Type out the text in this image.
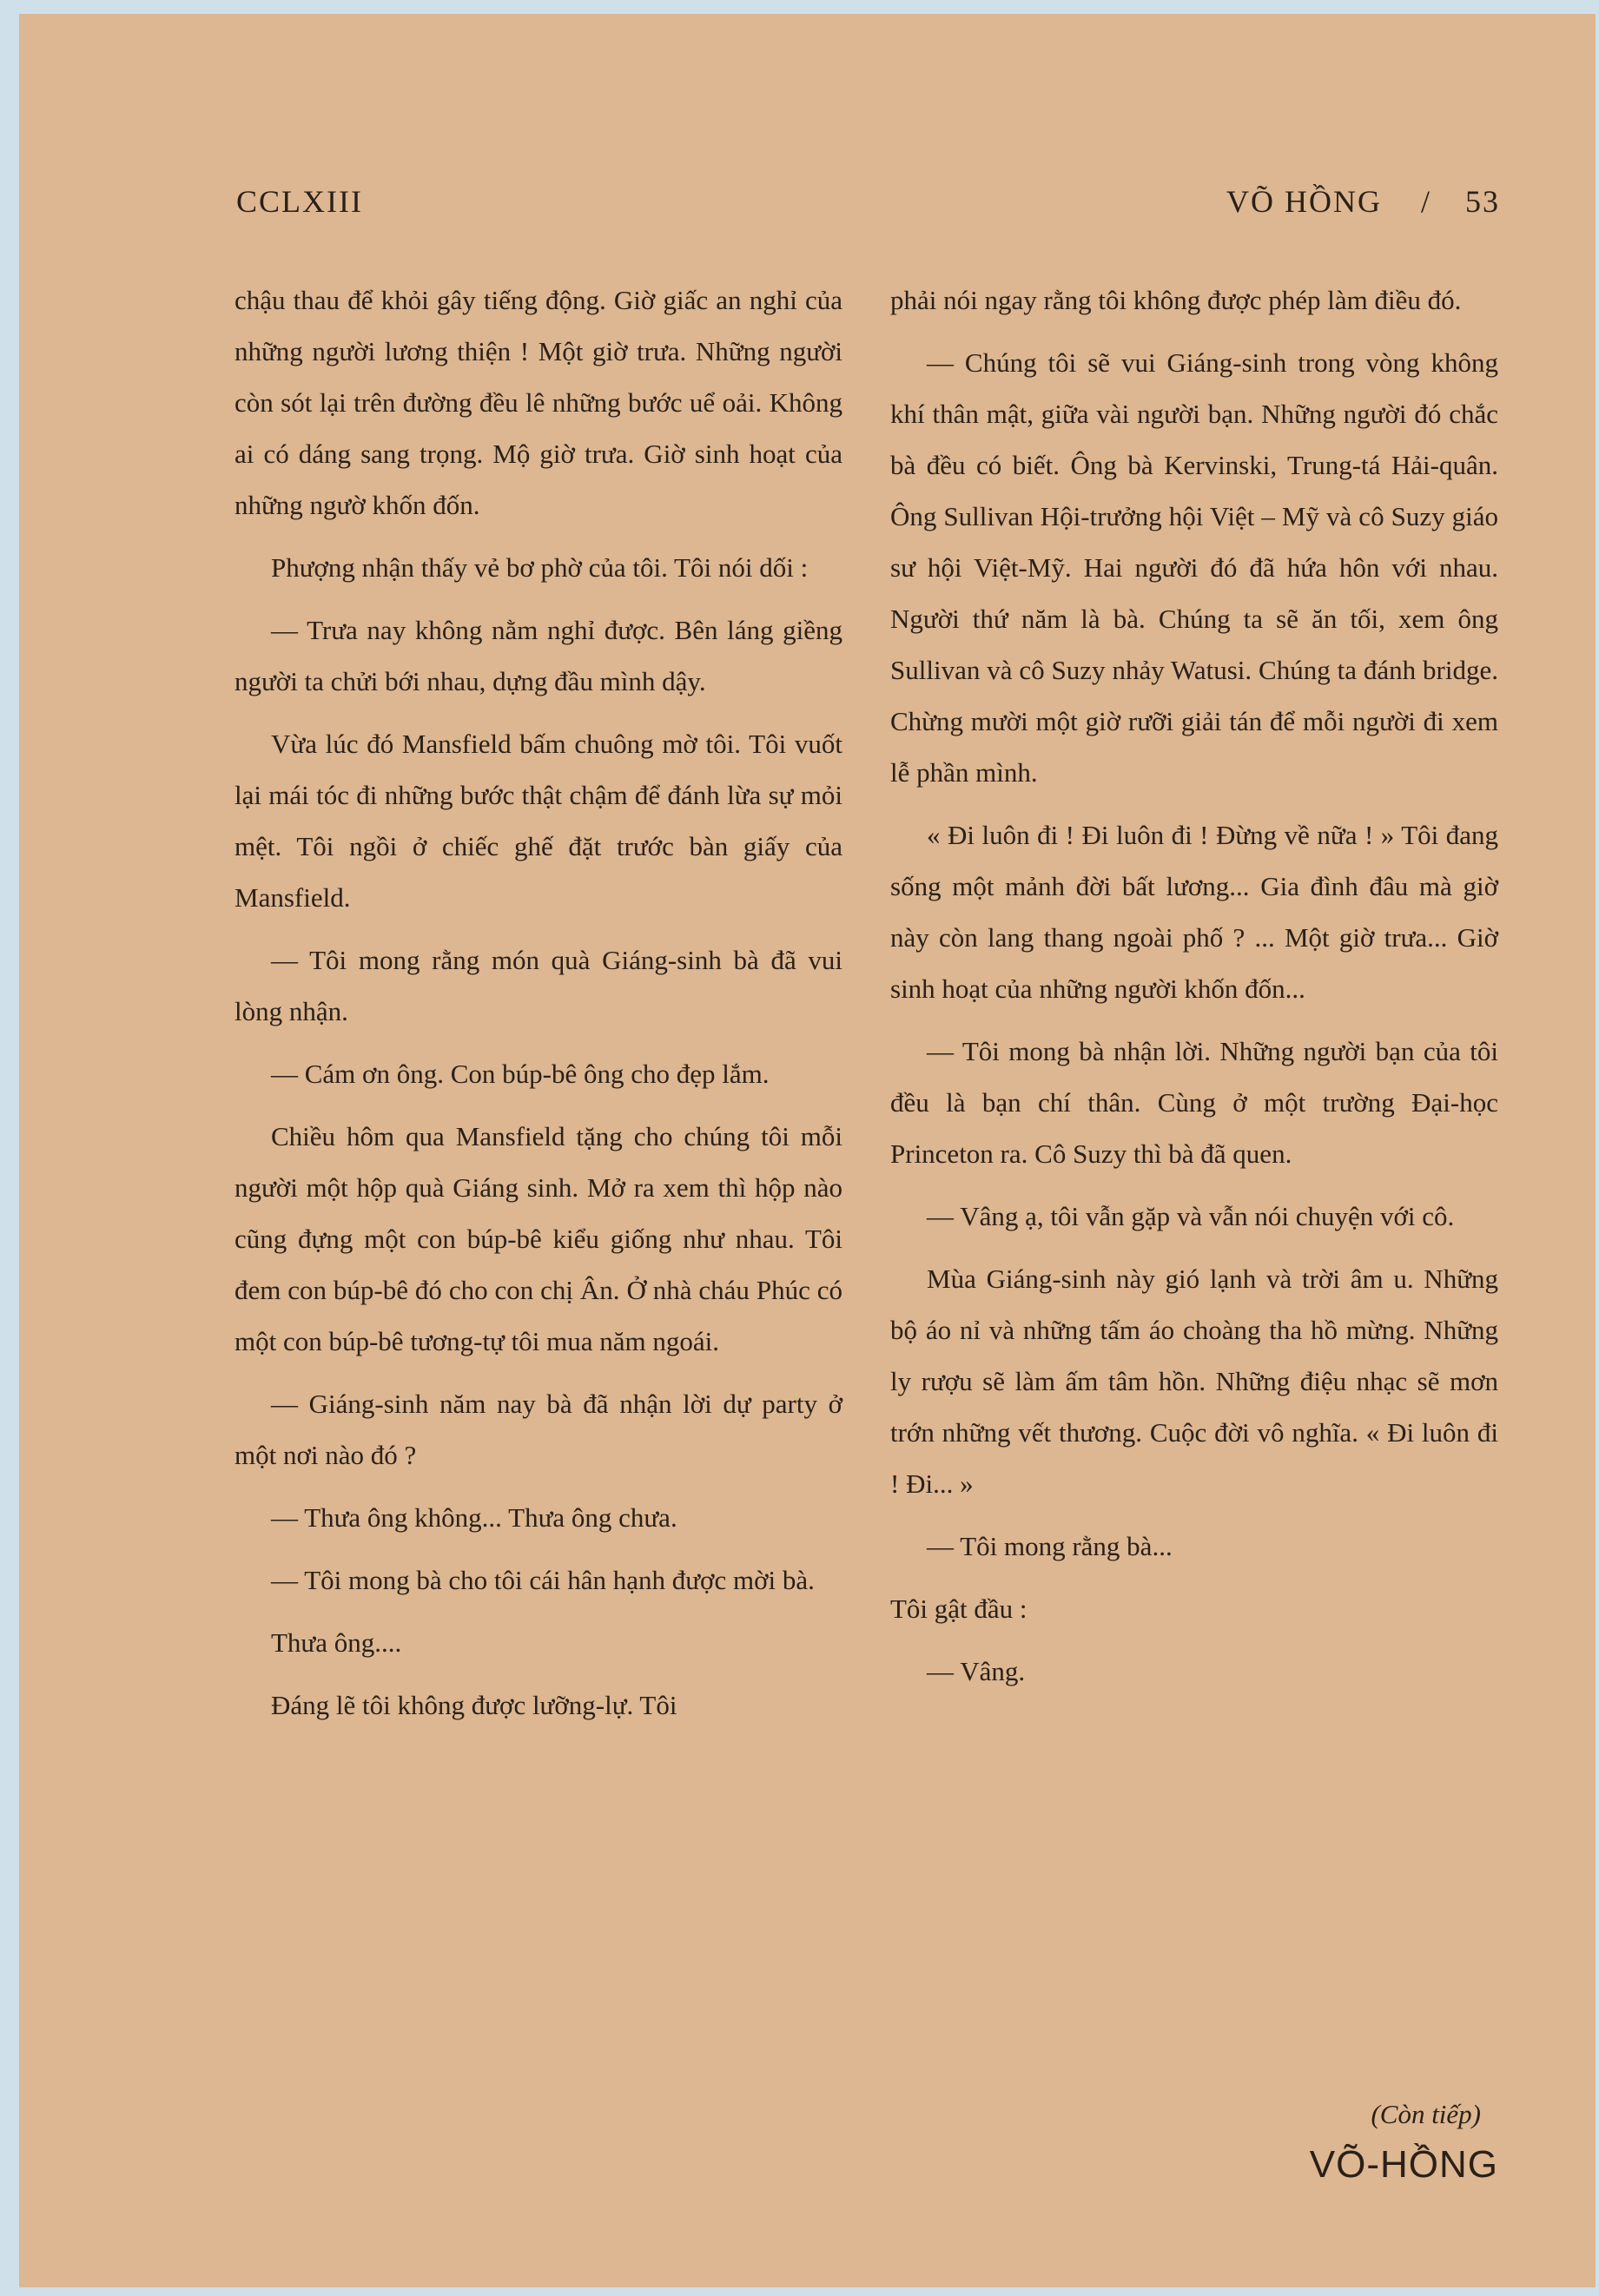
CCLXIII	VÕ HỒNG / 53

chậu thau để khỏi gây tiếng động. Giờ giấc an nghỉ của những người lương thiện ! Một giờ trưa. Những người còn sót lại trên đường đều lê những bước uể oải. Không ai có dáng sang trọng. Mộ giờ trưa. Giờ sinh hoạt của những ngườ khốn đốn.

Phượng nhận thấy vẻ bơ phờ của tôi. Tôi nói dối :

— Trưa nay không nằm nghỉ được. Bên láng giềng người ta chửi bới nhau, dựng đầu mình dậy.

Vừa lúc đó Mansfield bấm chuông mờ tôi. Tôi vuốt lại mái tóc đi những bước thật chậm để đánh lừa sự mỏi mệt. Tôi ngồi ở chiếc ghế đặt trước bàn giấy của Mansfield.

— Tôi mong rằng món quà Giáng-sinh bà đã vui lòng nhận.

— Cám ơn ông. Con búp-bê ông cho đẹp lắm.

Chiều hôm qua Mansfield tặng cho chúng tôi mỗi người một hộp quà Giáng sinh. Mở ra xem thì hộp nào cũng đựng một con búp-bê kiểu giống như nhau. Tôi đem con búp-bê đó cho con chị Ân. Ở nhà cháu Phúc có một con búp-bê tương-tự tôi mua năm ngoái.

— Giáng-sinh năm nay bà đã nhận lời dự party ở một nơi nào đó ?

— Thưa ông không... Thưa ông chưa.

— Tôi mong bà cho tôi cái hân hạnh được mời bà.

Thưa ông....

Đáng lẽ tôi không được lưỡng-lự. Tôi

phải nói ngay rằng tôi không được phép làm điều đó.

— Chúng tôi sẽ vui Giáng-sinh trong vòng không khí thân mật, giữa vài người bạn. Những người đó chắc bà đều có biết. Ông bà Kervinski, Trung-tá Hải-quân. Ông Sullivan Hội-trưởng hội Việt – Mỹ và cô Suzy giáo sư hội Việt-Mỹ. Hai người đó đã hứa hôn với nhau. Người thứ năm là bà. Chúng ta sẽ ăn tối, xem ông Sullivan và cô Suzy nhảy Watusi. Chúng ta đánh bridge. Chừng mười một giờ rưỡi giải tán để mỗi người đi xem lễ phần mình.

« Đi luôn đi ! Đi luôn đi ! Đừng về nữa ! » Tôi đang sống một mảnh đời bất lương... Gia đình đâu mà giờ này còn lang thang ngoài phố ? ... Một giờ trưa... Giờ sinh hoạt của những người khốn đốn...

— Tôi mong bà nhận lời. Những người bạn của tôi đều là bạn chí thân. Cùng ở một trường Đại-học Princeton ra. Cô Suzy thì bà đã quen.

— Vâng ạ, tôi vẫn gặp và vẫn nói chuyện với cô.

Mùa Giáng-sinh này gió lạnh và trời âm u. Những bộ áo nỉ và những tấm áo choàng tha hồ mừng. Những ly rượu sẽ làm ấm tâm hồn. Những điệu nhạc sẽ mơn trớn những vết thương. Cuộc đời vô nghĩa. « Đi luôn đi ! Đi... »

— Tôi mong rằng bà...

Tôi gật đầu :

— Vâng.

(Còn tiếp)
VÕ-HỒNG
